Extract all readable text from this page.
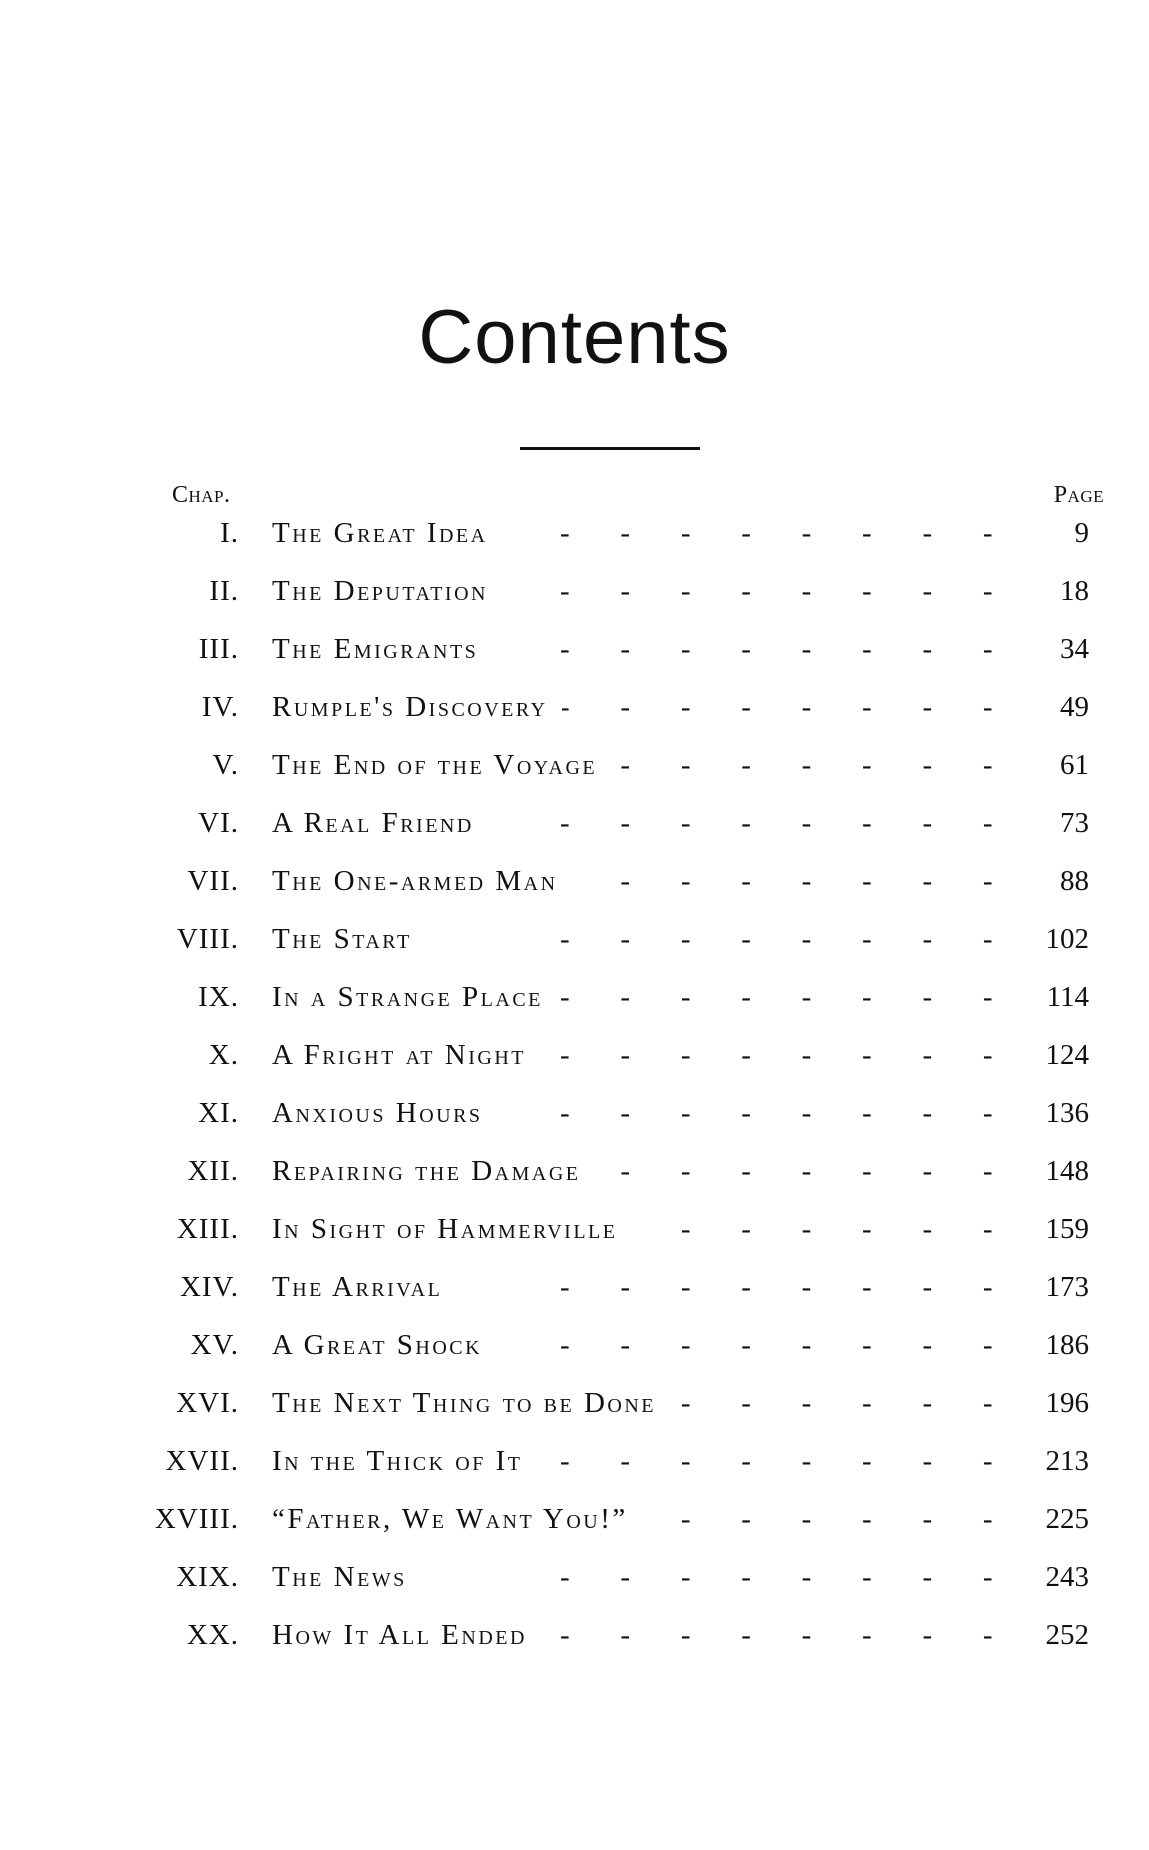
Contents
Chap.	Page
I. The Great Idea -	9
II. The Deputation -	18
III. The Emigrants -	34
IV. Rumple's Discovery -	49
V. The End of the Voyage -	61
VI. A Real Friend -	73
VII. The One-armed Man -	88
VIII. The Start -	102
IX. In a Strange Place -	114
X. A Fright at Night -	124
XI. Anxious Hours -	136
XII. Repairing the Damage -	148
XIII. In Sight of Hammerville -	159
XIV. The Arrival -	173
XV. A Great Shock -	186
XVI. The Next Thing to be Done -	196
XVII. In the Thick of It -	213
XVIII. “Father, We Want You!” -	225
XIX. The News -	243
XX. How It All Ended -	252
